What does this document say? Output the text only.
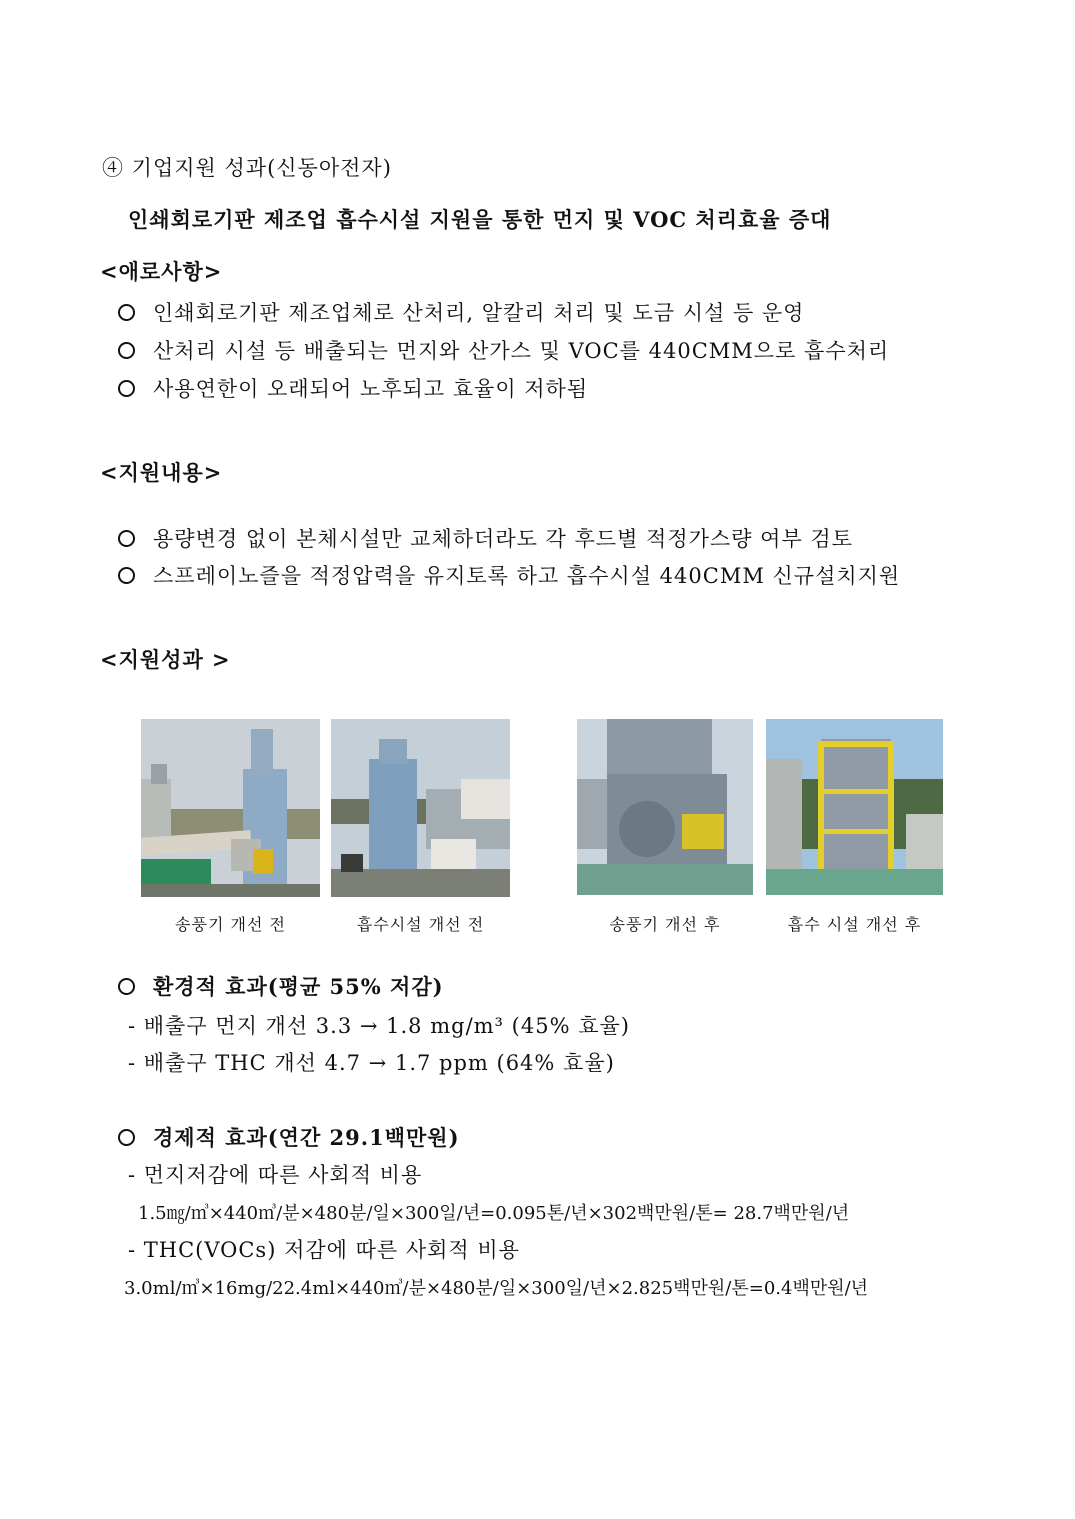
④ 기업지원 성과(신동아전자)
인쇄회로기판 제조업 흡수시설 지원을 통한 먼지 및 VOC 처리효율 증대
<애로사항>
인쇄회로기판 제조업체로 산처리, 알칼리 처리 및 도금 시설 등 운영
산처리 시설 등 배출되는 먼지와 산가스 및 VOC를 440CMM으로 흡수처리
사용연한이 오래되어 노후되고 효율이 저하됨
<지원내용>
용량변경 없이 본체시설만 교체하더라도 각 후드별 적정가스량 여부 검토
스프레이노즐을 적정압력을 유지토록 하고 흡수시설 440CMM 신규설치지원
<지원성과 >
송풍기 개선 전	흡수시설 개선 전	송풍기 개선 후	흡수 시설 개선 후
환경적 효과(평균 55% 저감)
- 배출구 먼지 개선 3.3 → 1.8 mg/m³ (45% 효율)
- 배출구 THC 개선 4.7 → 1.7 ppm (64% 효율)
경제적 효과(연간 29.1백만원)
- 먼지저감에 따른 사회적 비용
1.5㎎/㎥×440㎥/분×480분/일×300일/년=0.095톤/년×302백만원/톤= 28.7백만원/년
- THC(VOCs) 저감에 따른 사회적 비용
3.0ml/㎥×16mg/22.4ml×440㎥/분×480분/일×300일/년×2.825백만원/톤=0.4백만원/년
